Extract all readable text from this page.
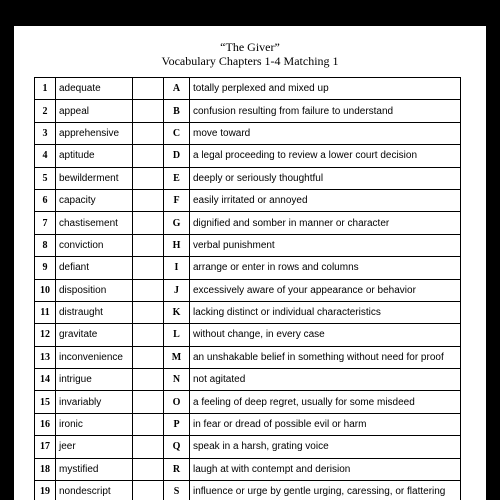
“The Giver”
Vocabulary Chapters 1-4 Matching 1
1	adequate		A	totally perplexed and mixed up
2	appeal		B	confusion resulting from failure to understand
3	apprehensive		C	move toward
4	aptitude		D	a legal proceeding to review a lower court decision
5	bewilderment		E	deeply or seriously thoughtful
6	capacity		F	easily irritated or annoyed
7	chastisement		G	dignified and somber in manner or character
8	conviction		H	verbal punishment
9	defiant		I	arrange or enter in rows and columns
10	disposition		J	excessively aware of your appearance or behavior
11	distraught		K	lacking distinct or individual characteristics
12	gravitate		L	without change, in every case
13	inconvenience		M	an unshakable belief in something without need for proof
14	intrigue		N	not agitated
15	invariably		O	a feeling of deep regret, usually for some misdeed
16	ironic		P	in fear or dread of possible evil or harm
17	jeer		Q	speak in a harsh, grating voice
18	mystified		R	laugh at with contempt and derision
19	nondescript		S	influence or urge by gentle urging, caressing, or flattering
